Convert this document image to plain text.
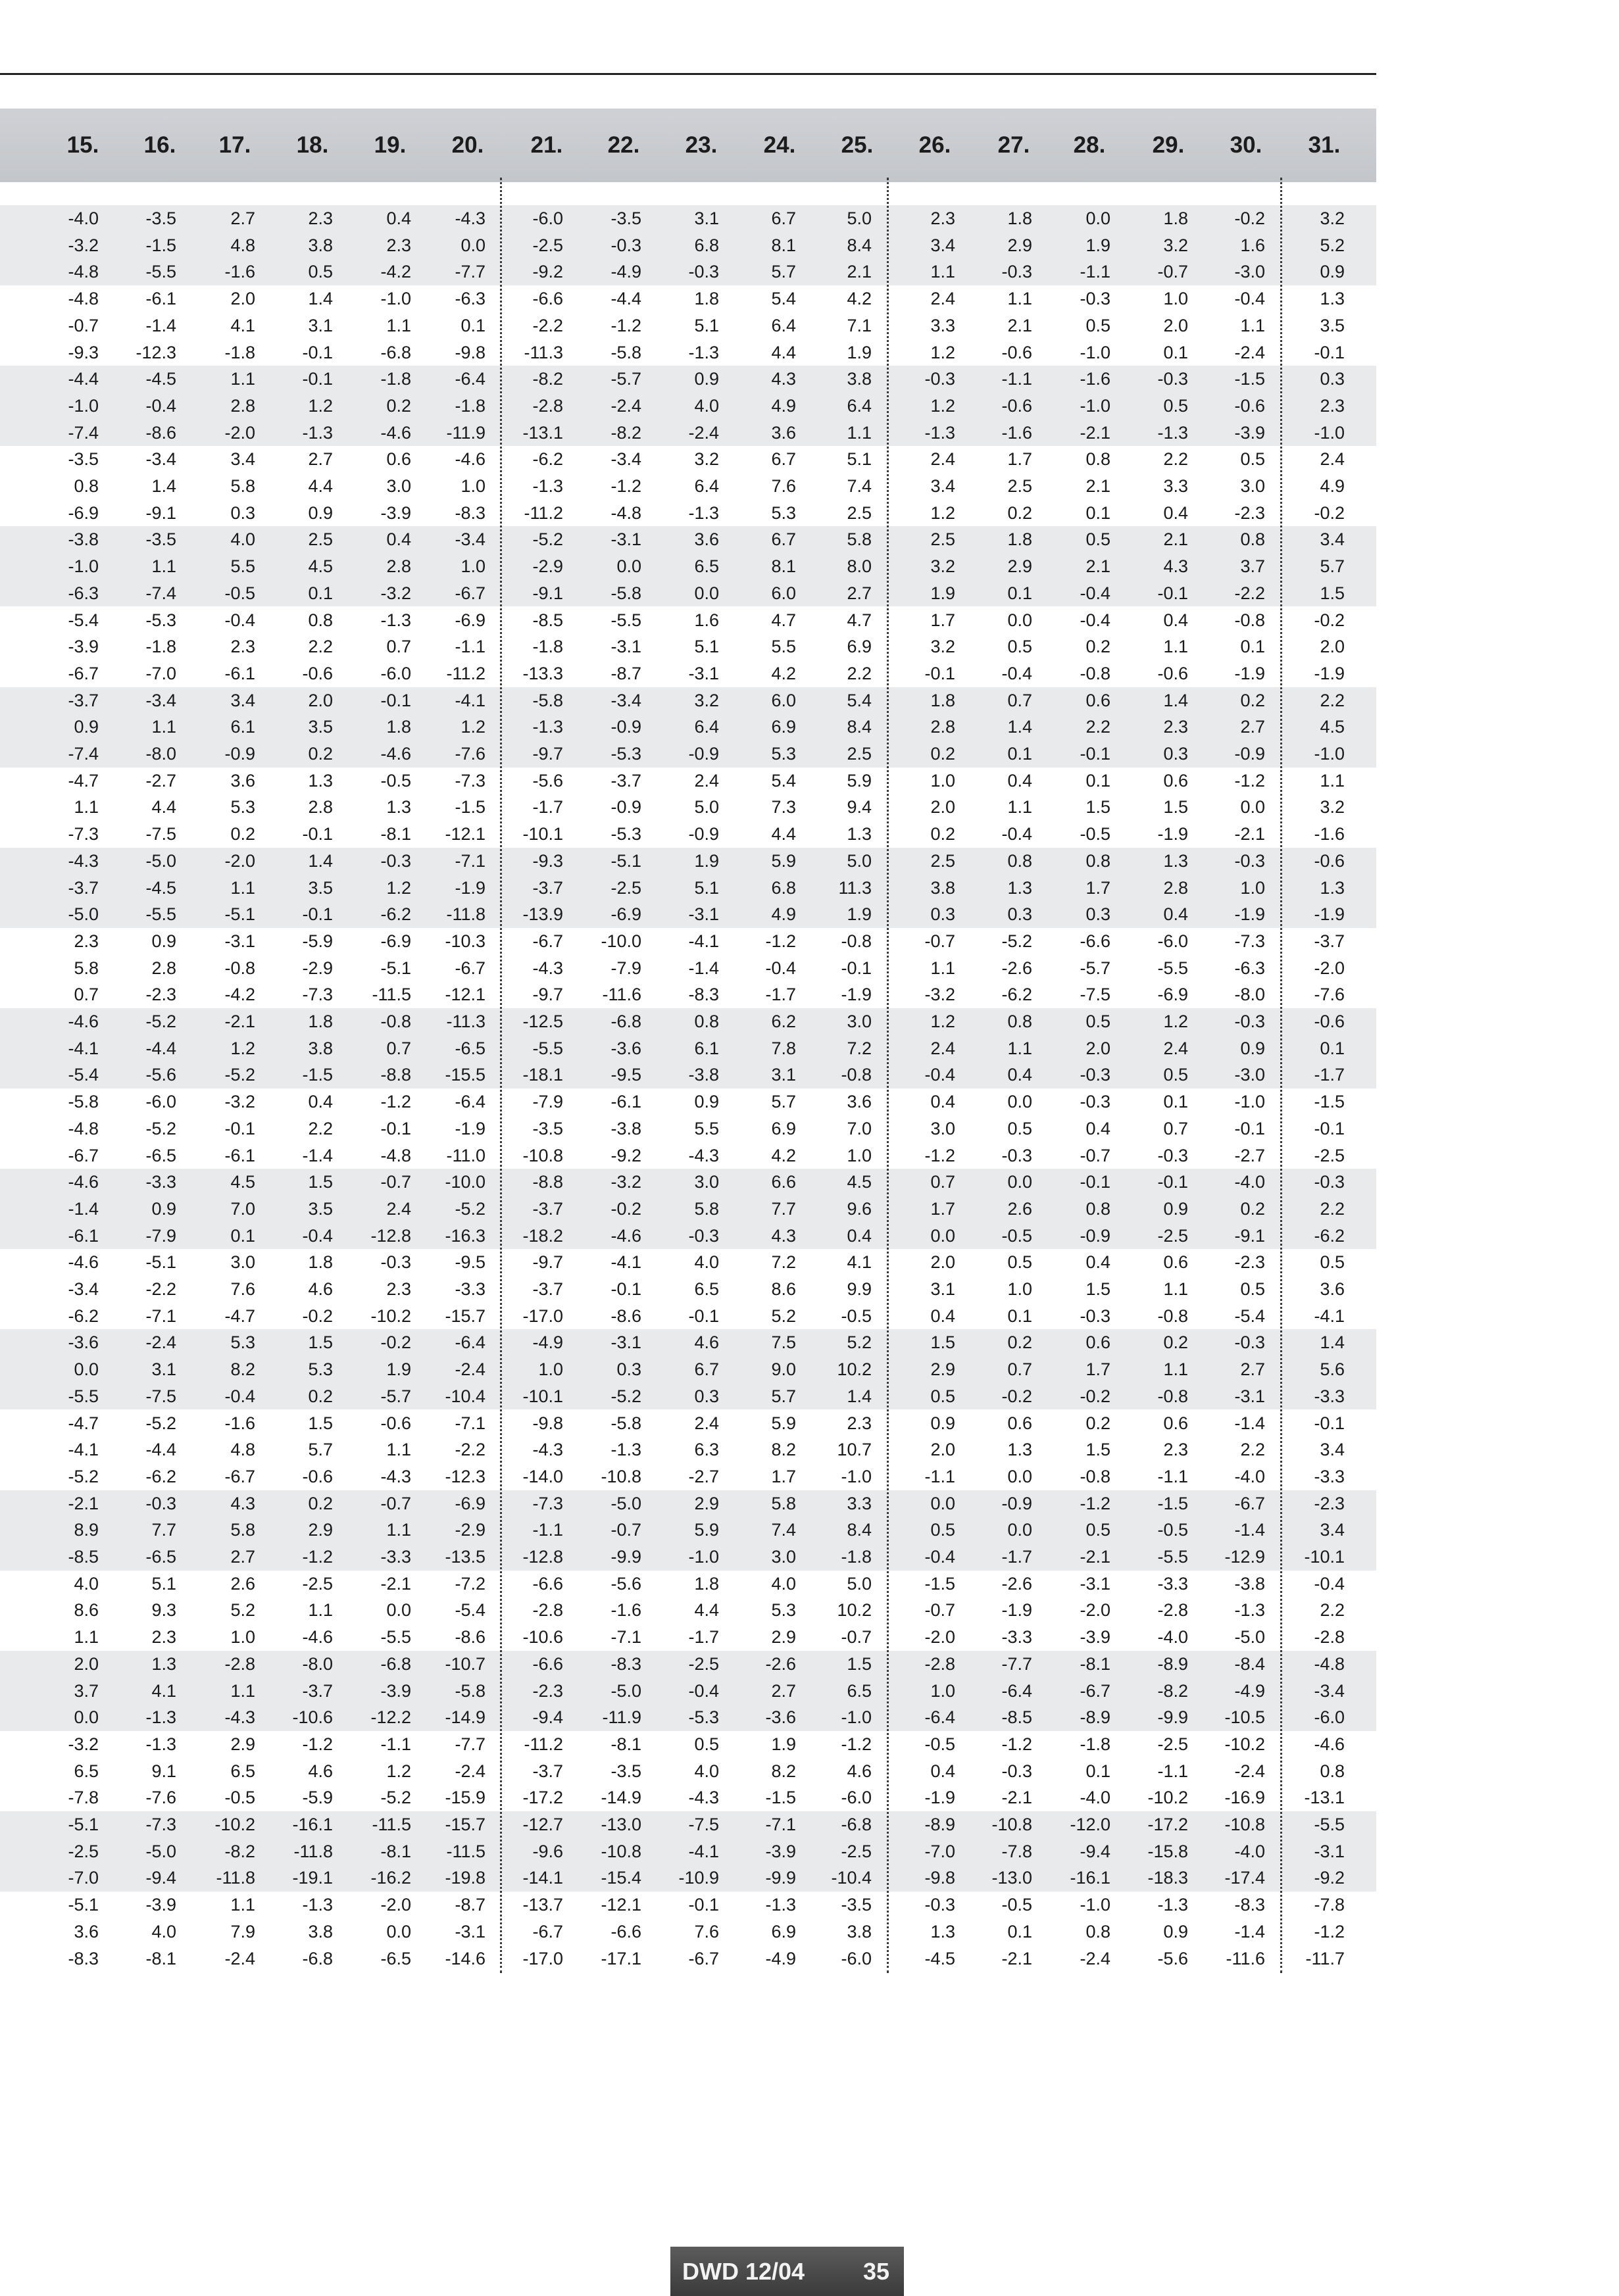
15. 16. 17. 18. 19. 20. 21. 22. 23. 24. 25. 26. 27. 28. 29. 30. 31.
-4.0	-3.5	2.7	2.3	0.4 -4.3	-6.0	-3.5	3.1	6.7	5.0	2.3	1.8	0.0	1.8	-0.2	3.2
-3.2	-1.5	4.8	3.8	2.3	0.0	-2.5	-0.3	6.8	8.1	8.4	3.4	2.9	1.9	3.2	1.6	5.2
-4.8	-5.5	-1.6	0.5	-4.2 -7.7	-9.2	-4.9	-0.3	5.7	2.1	1.1	-0.3	-1.1	-0.7	-3.0	0.9
-4.8	-6.1	2.0	1.4	-1.0 -6.3	-6.6	-4.4	1.8	5.4	4.2	2.4	1.1	-0.3	1.0	-0.4	1.3
-0.7	-1.4	4.1	3.1	1.1	0.1	-2.2	-1.2	5.1	6.4	7.1	3.3	2.1	0.5	2.0	1.1	3.5
-9.3 -12.3	-1.8	-0.1	-6.8 -9.8 -11.3	-5.8	-1.3	4.4	1.9	1.2	-0.6	-1.0	0.1	-2.4	-0.1
-4.4	-4.5	1.1	-0.1	-1.8 -6.4	-8.2	-5.7	0.9	4.3	3.8	-0.3	-1.1	-1.6	-0.3	-1.5	0.3
-1.0	-0.4	2.8	1.2	0.2 -1.8	-2.8	-2.4	4.0	4.9	6.4	1.2	-0.6	-1.0	0.5	-0.6	2.3
-7.4	-8.6	-2.0	-1.3	-4.6 -11.9 -13.1	-8.2	-2.4	3.6	1.1	-1.3	-1.6	-2.1	-1.3	-3.9	-1.0
-3.5	-3.4	3.4	2.7	0.6 -4.6	-6.2	-3.4	3.2	6.7	5.1	2.4	1.7	0.8	2.2	0.5	2.4
0.8	1.4	5.8	4.4	3.0	1.0	-1.3	-1.2	6.4	7.6	7.4	3.4	2.5	2.1	3.3	3.0	4.9
-6.9	-9.1	0.3	0.9	-3.9 -8.3 -11.2	-4.8	-1.3	5.3	2.5	1.2	0.2	0.1	0.4	-2.3	-0.2
-3.8	-3.5	4.0	2.5	0.4 -3.4	-5.2	-3.1	3.6	6.7	5.8	2.5	1.8	0.5	2.1	0.8	3.4
-1.0	1.1	5.5	4.5	2.8	1.0	-2.9	0.0	6.5	8.1	8.0	3.2	2.9	2.1	4.3	3.7	5.7
-6.3	-7.4	-0.5	0.1	-3.2 -6.7	-9.1	-5.8	0.0	6.0	2.7	1.9	0.1	-0.4	-0.1	-2.2	1.5
-5.4	-5.3	-0.4	0.8	-1.3 -6.9	-8.5	-5.5	1.6	4.7	4.7	1.7	0.0	-0.4	0.4	-0.8	-0.2
-3.9	-1.8	2.3	2.2	0.7 -1.1	-1.8	-3.1	5.1	5.5	6.9	3.2	0.5	0.2	1.1	0.1	2.0
-6.7	-7.0	-6.1	-0.6	-6.0 -11.2 -13.3	-8.7	-3.1	4.2	2.2	-0.1	-0.4	-0.8	-0.6	-1.9	-1.9
-3.7	-3.4	3.4	2.0	-0.1 -4.1	-5.8	-3.4	3.2	6.0	5.4	1.8	0.7	0.6	1.4	0.2	2.2
0.9	1.1	6.1	3.5	1.8	1.2	-1.3	-0.9	6.4	6.9	8.4	2.8	1.4	2.2	2.3	2.7	4.5
-7.4	-8.0	-0.9	0.2	-4.6 -7.6	-9.7	-5.3	-0.9	5.3	2.5	0.2	0.1	-0.1	0.3	-0.9	-1.0
-4.7	-2.7	3.6	1.3	-0.5 -7.3	-5.6	-3.7	2.4	5.4	5.9	1.0	0.4	0.1	0.6	-1.2	1.1
1.1	4.4	5.3	2.8	1.3 -1.5	-1.7	-0.9	5.0	7.3	9.4	2.0	1.1	1.5	1.5	0.0	3.2
-7.3	-7.5	0.2	-0.1	-8.1 -12.1 -10.1	-5.3	-0.9	4.4	1.3	0.2	-0.4	-0.5	-1.9	-2.1	-1.6
-4.3	-5.0	-2.0	1.4	-0.3 -7.1	-9.3	-5.1	1.9	5.9	5.0	2.5	0.8	0.8	1.3	-0.3	-0.6
-3.7	-4.5	1.1	3.5	1.2 -1.9	-3.7	-2.5	5.1	6.8 11.3	3.8	1.3	1.7	2.8	1.0	1.3
-5.0	-5.5	-5.1	-0.1	-6.2 -11.8 -13.9	-6.9	-3.1	4.9	1.9	0.3	0.3	0.3	0.4	-1.9	-1.9
2.3	0.9	-3.1	-5.9	-6.9 -10.3	-6.7 -10.0	-4.1	-1.2	-0.8	-0.7	-5.2	-6.6	-6.0	-7.3	-3.7
5.8	2.8	-0.8	-2.9	-5.1 -6.7	-4.3	-7.9	-1.4	-0.4	-0.1	1.1	-2.6	-5.7	-5.5	-6.3	-2.0
0.7	-2.3	-4.2	-7.3 -11.5 -12.1	-9.7 -11.6	-8.3	-1.7	-1.9	-3.2	-6.2	-7.5	-6.9	-8.0	-7.6
-4.6	-5.2	-2.1	1.8	-0.8 -11.3 -12.5	-6.8	0.8	6.2	3.0	1.2	0.8	0.5	1.2	-0.3	-0.6
-4.1	-4.4	1.2	3.8	0.7 -6.5	-5.5	-3.6	6.1	7.8	7.2	2.4	1.1	2.0	2.4	0.9	0.1
-5.4	-5.6	-5.2	-1.5	-8.8 -15.5 -18.1	-9.5	-3.8	3.1	-0.8	-0.4	0.4	-0.3	0.5	-3.0	-1.7
-5.8	-6.0	-3.2	0.4	-1.2 -6.4	-7.9	-6.1	0.9	5.7	3.6	0.4	0.0	-0.3	0.1	-1.0	-1.5
-4.8	-5.2	-0.1	2.2	-0.1 -1.9	-3.5	-3.8	5.5	6.9	7.0	3.0	0.5	0.4	0.7	-0.1	-0.1
-6.7	-6.5	-6.1	-1.4	-4.8 -11.0 -10.8	-9.2	-4.3	4.2	1.0	-1.2	-0.3	-0.7	-0.3	-2.7	-2.5
-4.6	-3.3	4.5	1.5	-0.7 -10.0	-8.8	-3.2	3.0	6.6	4.5	0.7	0.0	-0.1	-0.1	-4.0	-0.3
-1.4	0.9	7.0	3.5	2.4 -5.2	-3.7	-0.2	5.8	7.7	9.6	1.7	2.6	0.8	0.9	0.2	2.2
-6.1	-7.9	0.1	-0.4 -12.8 -16.3 -18.2	-4.6	-0.3	4.3	0.4	0.0	-0.5	-0.9	-2.5	-9.1	-6.2
-4.6	-5.1	3.0	1.8	-0.3 -9.5	-9.7	-4.1	4.0	7.2	4.1	2.0	0.5	0.4	0.6	-2.3	0.5
-3.4	-2.2	7.6	4.6	2.3 -3.3	-3.7	-0.1	6.5	8.6	9.9	3.1	1.0	1.5	1.1	0.5	3.6
-6.2	-7.1	-4.7	-0.2 -10.2 -15.7 -17.0	-8.6	-0.1	5.2	-0.5	0.4	0.1	-0.3	-0.8	-5.4	-4.1
-3.6	-2.4	5.3	1.5	-0.2 -6.4	-4.9	-3.1	4.6	7.5	5.2	1.5	0.2	0.6	0.2	-0.3	1.4
0.0	3.1	8.2	5.3	1.9 -2.4	1.0	0.3	6.7	9.0 10.2	2.9	0.7	1.7	1.1	2.7	5.6
-5.5	-7.5	-0.4	0.2	-5.7 -10.4 -10.1	-5.2	0.3	5.7	1.4	0.5	-0.2	-0.2	-0.8	-3.1	-3.3
-4.7	-5.2	-1.6	1.5	-0.6 -7.1	-9.8	-5.8	2.4	5.9	2.3	0.9	0.6	0.2	0.6	-1.4	-0.1
-4.1	-4.4	4.8	5.7	1.1 -2.2	-4.3	-1.3	6.3	8.2 10.7	2.0	1.3	1.5	2.3	2.2	3.4
-5.2	-6.2	-6.7	-0.6	-4.3 -12.3 -14.0 -10.8	-2.7	1.7	-1.0	-1.1	0.0	-0.8	-1.1	-4.0	-3.3
-2.1	-0.3	4.3	0.2	-0.7 -6.9	-7.3	-5.0	2.9	5.8	3.3	0.0	-0.9	-1.2	-1.5	-6.7	-2.3
8.9	7.7	5.8	2.9	1.1 -2.9	-1.1	-0.7	5.9	7.4	8.4	0.5	0.0	0.5	-0.5	-1.4	3.4
-8.5	-6.5	2.7	-1.2	-3.3 -13.5 -12.8	-9.9	-1.0	3.0	-1.8	-0.4	-1.7	-2.1	-5.5 -12.9 -10.1
4.0	5.1	2.6	-2.5	-2.1 -7.2	-6.6	-5.6	1.8	4.0	5.0	-1.5	-2.6	-3.1	-3.3	-3.8	-0.4
8.6	9.3	5.2	1.1	0.0 -5.4	-2.8	-1.6	4.4	5.3 10.2	-0.7	-1.9	-2.0	-2.8	-1.3	2.2
1.1	2.3	1.0	-4.6	-5.5 -8.6 -10.6	-7.1	-1.7	2.9	-0.7	-2.0	-3.3	-3.9	-4.0	-5.0	-2.8
2.0	1.3	-2.8	-8.0	-6.8 -10.7	-6.6	-8.3	-2.5	-2.6	1.5	-2.8	-7.7	-8.1	-8.9	-8.4	-4.8
3.7	4.1	1.1	-3.7	-3.9 -5.8	-2.3	-5.0	-0.4	2.7	6.5	1.0	-6.4	-6.7	-8.2	-4.9	-3.4
0.0	-1.3	-4.3 -10.6 -12.2 -14.9	-9.4 -11.9	-5.3	-3.6	-1.0	-6.4	-8.5	-8.9	-9.9 -10.5	-6.0
-3.2	-1.3	2.9	-1.2	-1.1 -7.7 -11.2	-8.1	0.5	1.9	-1.2	-0.5	-1.2	-1.8	-2.5 -10.2	-4.6
6.5	9.1	6.5	4.6	1.2 -2.4	-3.7	-3.5	4.0	8.2	4.6	0.4	-0.3	0.1	-1.1	-2.4	0.8
-7.8	-7.6	-0.5	-5.9	-5.2 -15.9 -17.2 -14.9	-4.3	-1.5	-6.0	-1.9	-2.1	-4.0 -10.2 -16.9 -13.1
-5.1	-7.3 -10.2 -16.1 -11.5 -15.7 -12.7 -13.0	-7.5	-7.1	-6.8	-8.9 -10.8 -12.0 -17.2 -10.8	-5.5
-2.5	-5.0	-8.2 -11.8	-8.1 -11.5	-9.6 -10.8	-4.1	-3.9	-2.5	-7.0	-7.8	-9.4 -15.8	-4.0	-3.1
-7.0	-9.4 -11.8 -19.1 -16.2 -19.8 -14.1 -15.4 -10.9	-9.9 -10.4	-9.8 -13.0 -16.1 -18.3 -17.4	-9.2
-5.1	-3.9	1.1	-1.3	-2.0 -8.7 -13.7 -12.1	-0.1	-1.3	-3.5	-0.3	-0.5	-1.0	-1.3	-8.3	-7.8
3.6	4.0	7.9	3.8	0.0 -3.1	-6.7	-6.6	7.6	6.9	3.8	1.3	0.1	0.8	0.9	-1.4	-1.2
-8.3	-8.1	-2.4	-6.8	-6.5 -14.6 -17.0 -17.1	-6.7	-4.9	-6.0	-4.5	-2.1	-2.4	-5.6 -11.6 -11.7
DWD 12/04 35
